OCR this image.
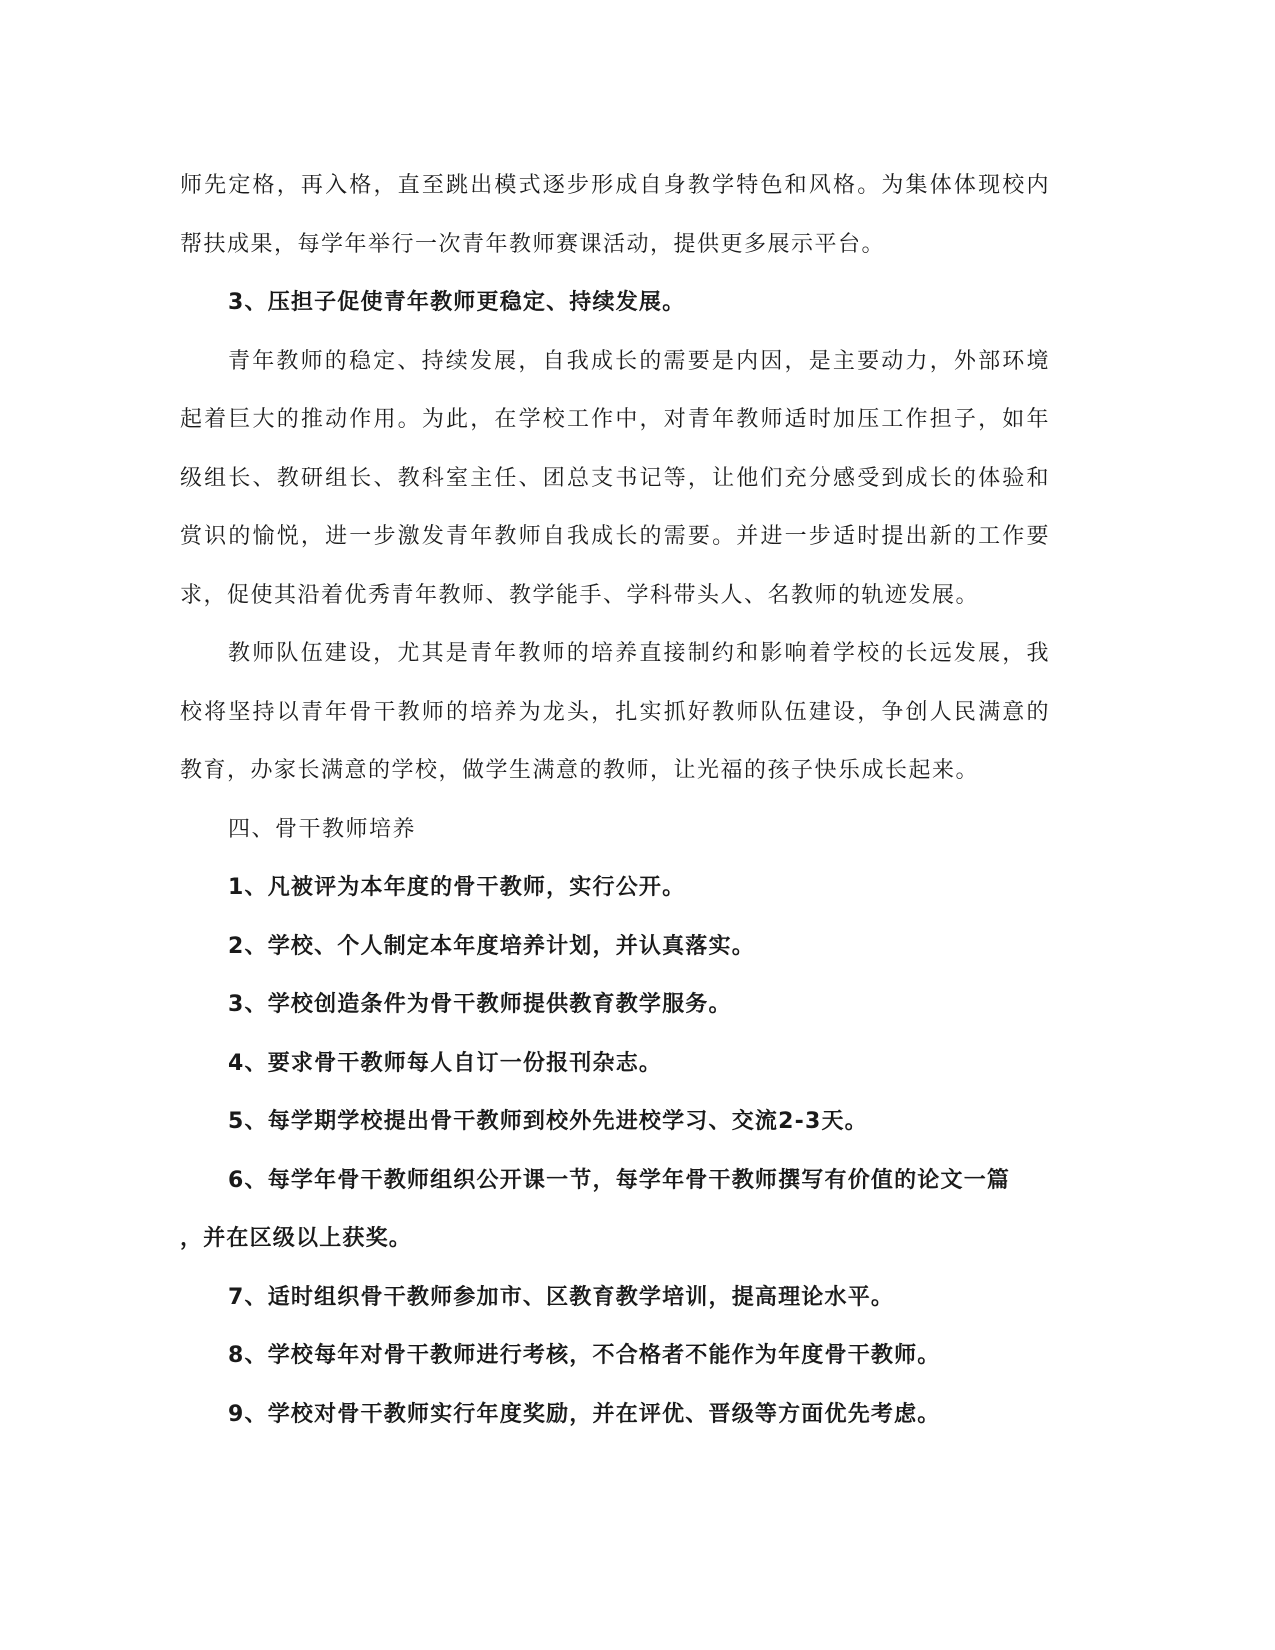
师先定格，再入格，直至跳出模式逐步形成自身教学特色和风格。为集体体现校内
帮扶成果，每学年举行一次青年教师赛课活动，提供更多展示平台。
3、压担子促使青年教师更稳定、持续发展。
青年教师的稳定、持续发展，自我成长的需要是内因，是主要动力，外部环境
起着巨大的推动作用。为此，在学校工作中，对青年教师适时加压工作担子，如年
级组长、教研组长、教科室主任、团总支书记等，让他们充分感受到成长的体验和
赏识的愉悦，进一步激发青年教师自我成长的需要。并进一步适时提出新的工作要
求，促使其沿着优秀青年教师、教学能手、学科带头人、名教师的轨迹发展。
教师队伍建设，尤其是青年教师的培养直接制约和影响着学校的长远发展，我
校将坚持以青年骨干教师的培养为龙头，扎实抓好教师队伍建设，争创人民满意的
教育，办家长满意的学校，做学生满意的教师，让光福的孩子快乐成长起来。
四、骨干教师培养
1、凡被评为本年度的骨干教师，实行公开。
2、学校、个人制定本年度培养计划，并认真落实。
3、学校创造条件为骨干教师提供教育教学服务。
4、要求骨干教师每人自订一份报刊杂志。
5、每学期学校提出骨干教师到校外先进校学习、交流2-3天。
6、每学年骨干教师组织公开课一节，每学年骨干教师撰写有价值的论文一篇
，并在区级以上获奖。
7、适时组织骨干教师参加市、区教育教学培训，提高理论水平。
8、学校每年对骨干教师进行考核，不合格者不能作为年度骨干教师。
9、学校对骨干教师实行年度奖励，并在评优、晋级等方面优先考虑。
